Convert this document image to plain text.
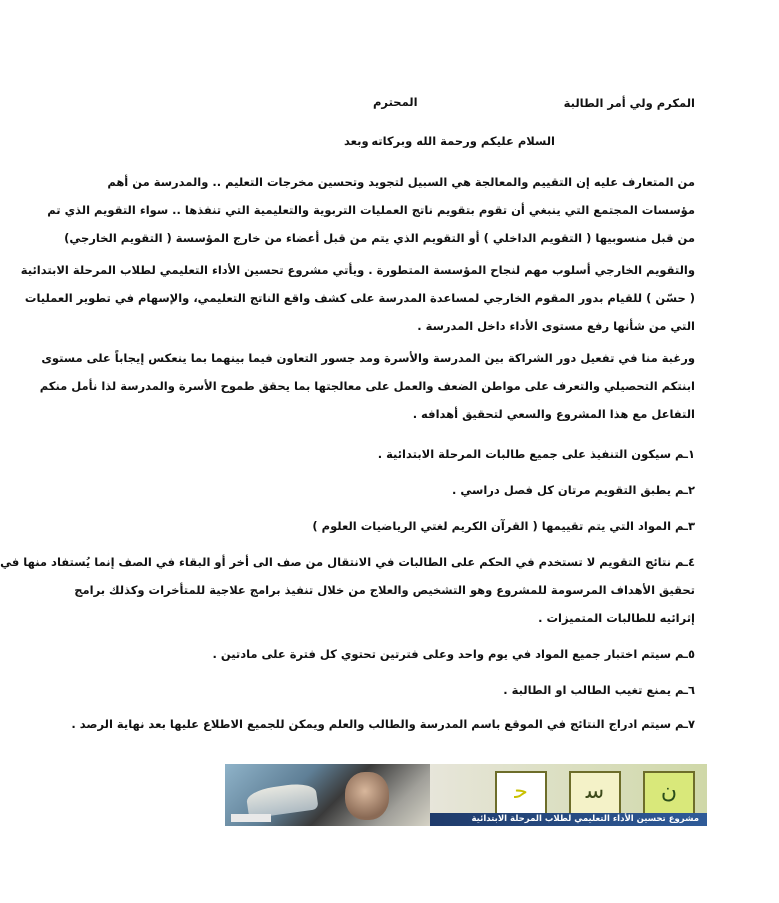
المكرم ولي أمر الطالبة
المحترم
السلام عليكم ورحمة الله وبركاته
وبعد
من المتعارف عليه إن التقييم والمعالجة هي السبيل لتجويد وتحسين مخرجات التعليم .. والمدرسة من أهم
مؤسسات المجتمع التي ينبغي أن تقوم بتقويم ناتج العمليات التربوية والتعليمية التي تنفذها .. سواء التقويم الذي تم
من قبل منسوبيها ( التقويم الداخلي ) أو التقويم الذي يتم من قبل أعضاء من خارج المؤسسة ( التقويم الخارجي)
والتقويم الخارجي أسلوب مهم لنجاح المؤسسة المتطورة . ويأتي مشروع تحسين الأداء التعليمي لطلاب المرحلة الابتدائية
( حسّن ) للقيام بدور المقوم الخارجي لمساعدة المدرسة على كشف واقع الناتج التعليمي، والإسهام في تطوير العمليات
التي من شأنها رفع مستوى الأداء داخل المدرسة .
ورغبة منا في تفعيل دور الشراكة بين المدرسة والأسرة ومد جسور التعاون فيما بينهما بما ينعكس إيجاباً على مستوى
ابنتكم التحصيلي والتعرف على مواطن الضعف والعمل على معالجتها بما يحقق طموح الأسرة والمدرسة لذا نأمل منكم
التفاعل مع هذا المشروع والسعي لتحقيق أهدافه .
١ـم سيكون التنفيذ على جميع طالبات المرحلة الابتدائية .
٢ـم يطبق التقويم مرتان كل فصل دراسي .
٣ـم المواد التي يتم تقييمها ( القرآن الكريم لغتي الرياضيات العلوم )
٤ـم نتائج التقويم لا تستخدم في الحكم على الطالبات في الانتقال من صف الى أخر أو البقاء في الصف إنما يُستفاد منها في
تحقيق الأهداف المرسومة للمشروع وهو التشخيص والعلاج من خلال تنفيذ برامج علاجية للمتأخرات وكذلك برامج
إثرائيه للطالبات المتميزات .
٥ـم سيتم اختبار جميع المواد في يوم واحد وعلى فترتين تحتوي كل فترة على مادتين .
٦ـم يمنع تغيب الطالب او الطالبة .
٧ـم سيتم ادراج النتائج في الموقع باسم المدرسة والطالب والعلم ويمكن للجميع الاطلاع عليها بعد نهاية الرصد .
ﺣ	ﺳ	ﻥ
مشروع تحسين الأداء التعليمي لطلاب المرحلة الابتدائية
